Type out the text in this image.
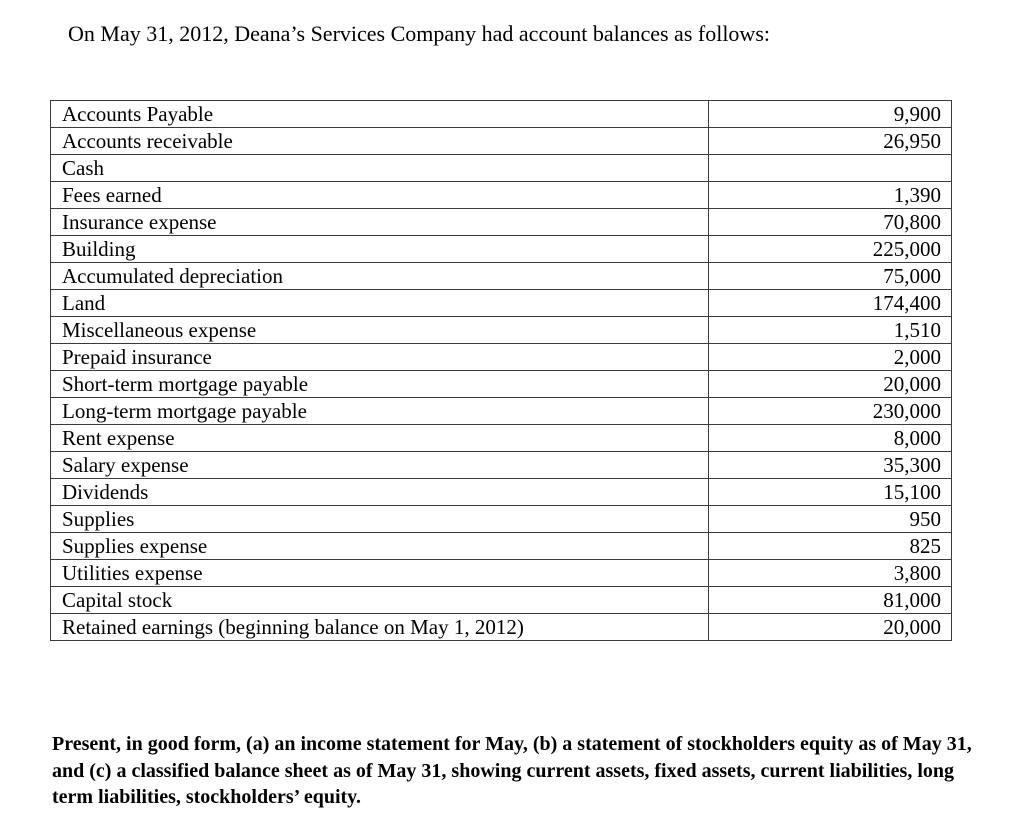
On May 31, 2012, Deana’s Services Company had account balances as follows:
Accounts Payable	9,900
Accounts receivable	26,950
Cash	
Fees earned	1,390
Insurance expense	70,800
Building	225,000
Accumulated depreciation	75,000
Land	174,400
Miscellaneous expense	1,510
Prepaid insurance	2,000
Short-term mortgage payable	20,000
Long-term mortgage payable	230,000
Rent expense	8,000
Salary expense	35,300
Dividends	15,100
Supplies	950
Supplies expense	825
Utilities expense	3,800
Capital stock	81,000
Retained earnings (beginning balance on May 1, 2012)	20,000
Present, in good form, (a) an income statement for May, (b) a statement of stockholders equity as of May 31, and (c) a classified balance sheet as of May 31, showing current assets, fixed assets, current liabilities, long term liabilities, stockholders’ equity.
